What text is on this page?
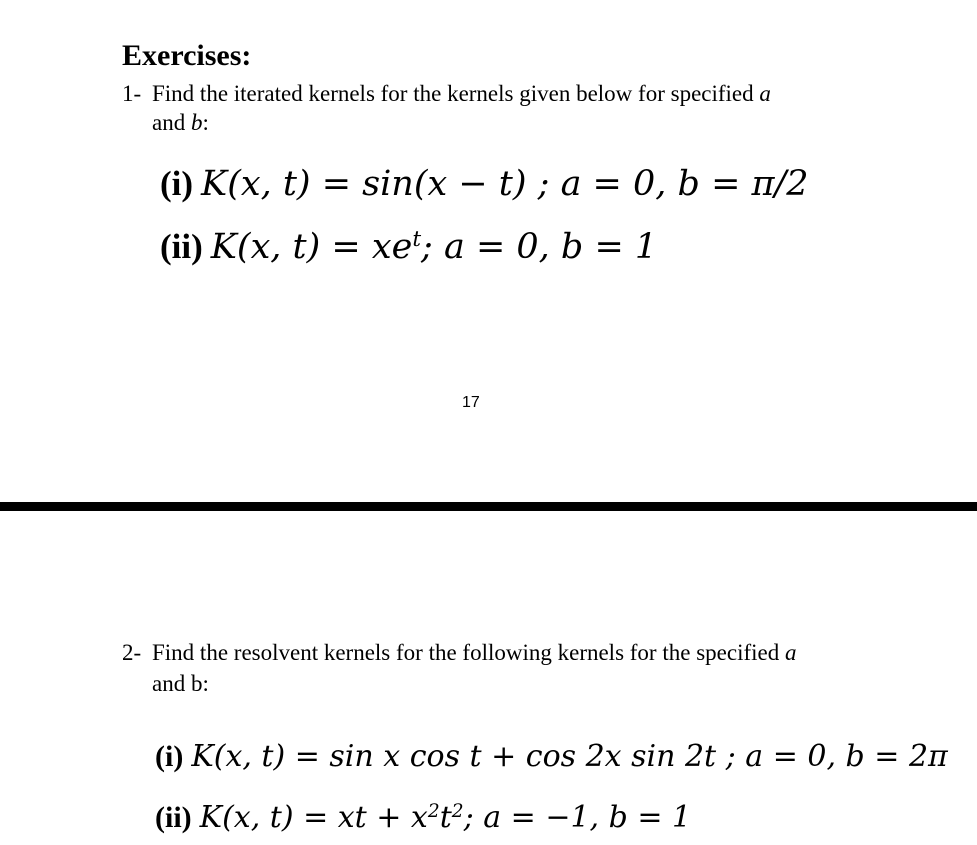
Exercises:
1- Find the iterated kernels for the kernels given below for specified a
and b:
(i) K(x, t) = sin(x − t) ; a = 0, b = π/2
(ii) K(x, $t) = xe^t$; a = 0, b = 1
17
2- Find the resolvent kernels for the following kernels for the specified a
and b:
(i) K(x, t) = sin x cos t + cos 2x sin 2t ; a = 0, b = 2π
(ii) K(x, t) = xt + $x^2t^2$; a = −1, b = 1
